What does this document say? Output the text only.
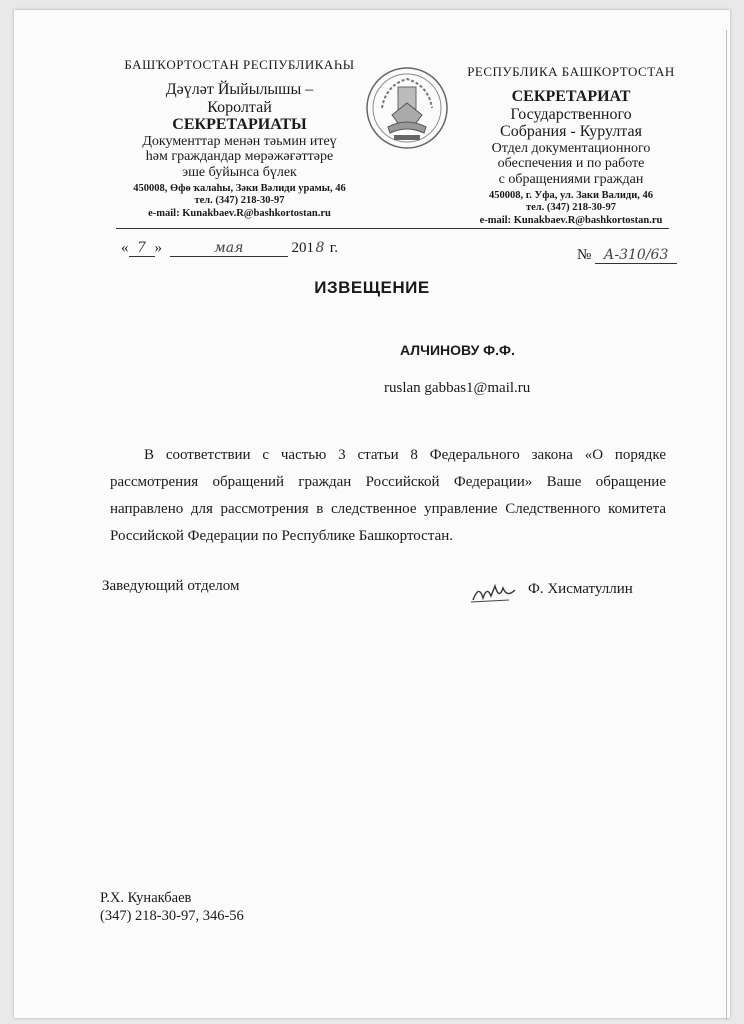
БАШҠОРТОСТАН РЕСПУБЛИКАҺЫ
Дәүләт Йыйылышы –
Королтай
СЕКРЕТАРИАТЫ
Документтар менән тәьмин итеү
һәм граждандар мөрәжәғәттәре
эше буйынса бүлек
450008, Өфө ҡалаһы, Зәки Вәлиди урамы, 46
тел. (347) 218-30-97
e-mail: Kunakbaev.R@bashkortostan.ru
РЕСПУБЛИКА БАШКОРТОСТАН
СЕКРЕТАРИАТ
Государственного
Собрания - Курултая
Отдел документационного
обеспечения и по работе
с обращениями граждан
450008, г. Уфа, ул. Заки Валиди, 46
тел. (347) 218-30-97
e-mail: Kunakbaev.R@bashkortostan.ru
« 7 »	мая	201 8 г.	№ А-310/63
ИЗВЕЩЕНИЕ
АЛЧИНОВУ Ф.Ф.
ruslan gabbas1@mail.ru
В соответствии с частью 3 статьи 8 Федерального закона «О порядке рассмотрения обращений граждан Российской Федерации» Ваше обращение направлено для рассмотрения в следственное управление Следственного комитета Российской Федерации по Республике Башкортостан.
Заведующий отделом	Ф. Хисматуллин
Р.Х. Кунакбаев
(347) 218-30-97, 346-56
